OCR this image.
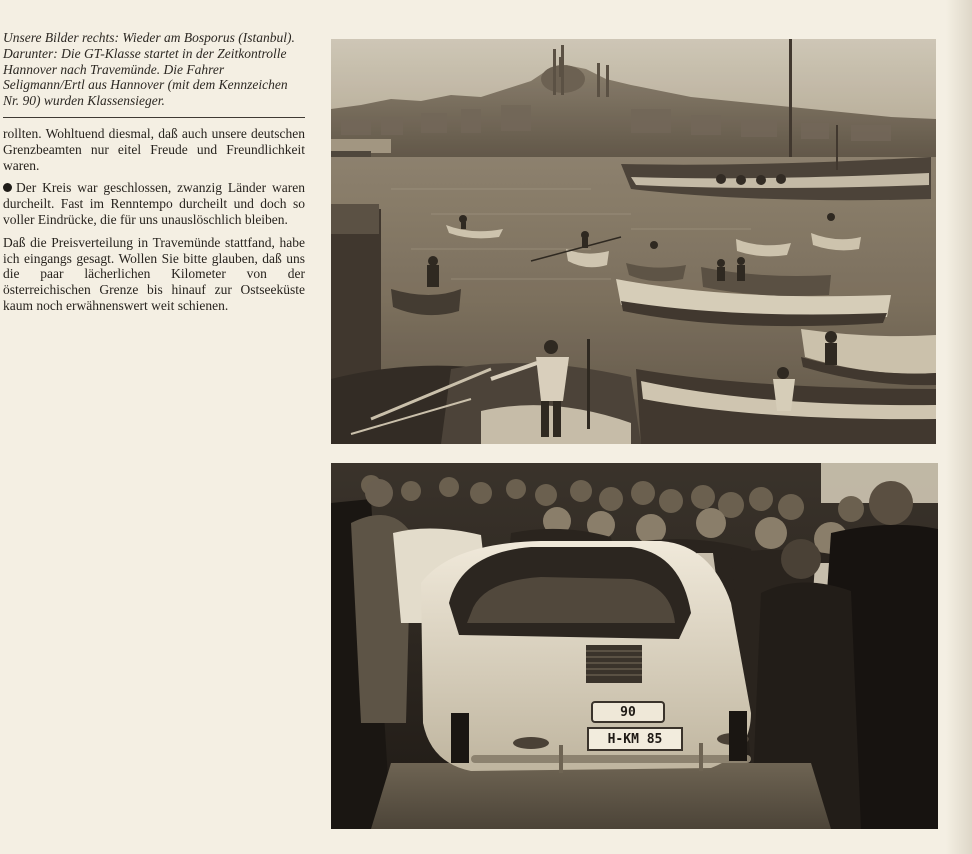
Unsere Bilder rechts: Wieder am Bosporus (Istanbul). Darunter: Die GT-Klasse startet in der Zeitkontrolle Hannover nach Travemünde. Die Fahrer Seligmann/Ertl aus Hannover (mit dem Kennzeichen Nr. 90) wurden Klassensieger.

rollten. Wohltuend diesmal, daß auch unsere deutschen Grenzbeamten nur eitel Freude und Freundlichkeit waren.

Der Kreis war geschlossen, zwanzig Länder waren durcheilt. Fast im Renntempo durcheilt und doch so voller Eindrücke, die für uns unauslöschlich bleiben.

Daß die Preisverteilung in Travemünde stattfand, habe ich eingangs gesagt. Wollen Sie bitte glauben, daß uns die paar lächerlichen Kilometer von der österreichischen Grenze bis hinauf zur Ostseeküste kaum noch erwähnenswert weit schienen.

90
H-KM 85
